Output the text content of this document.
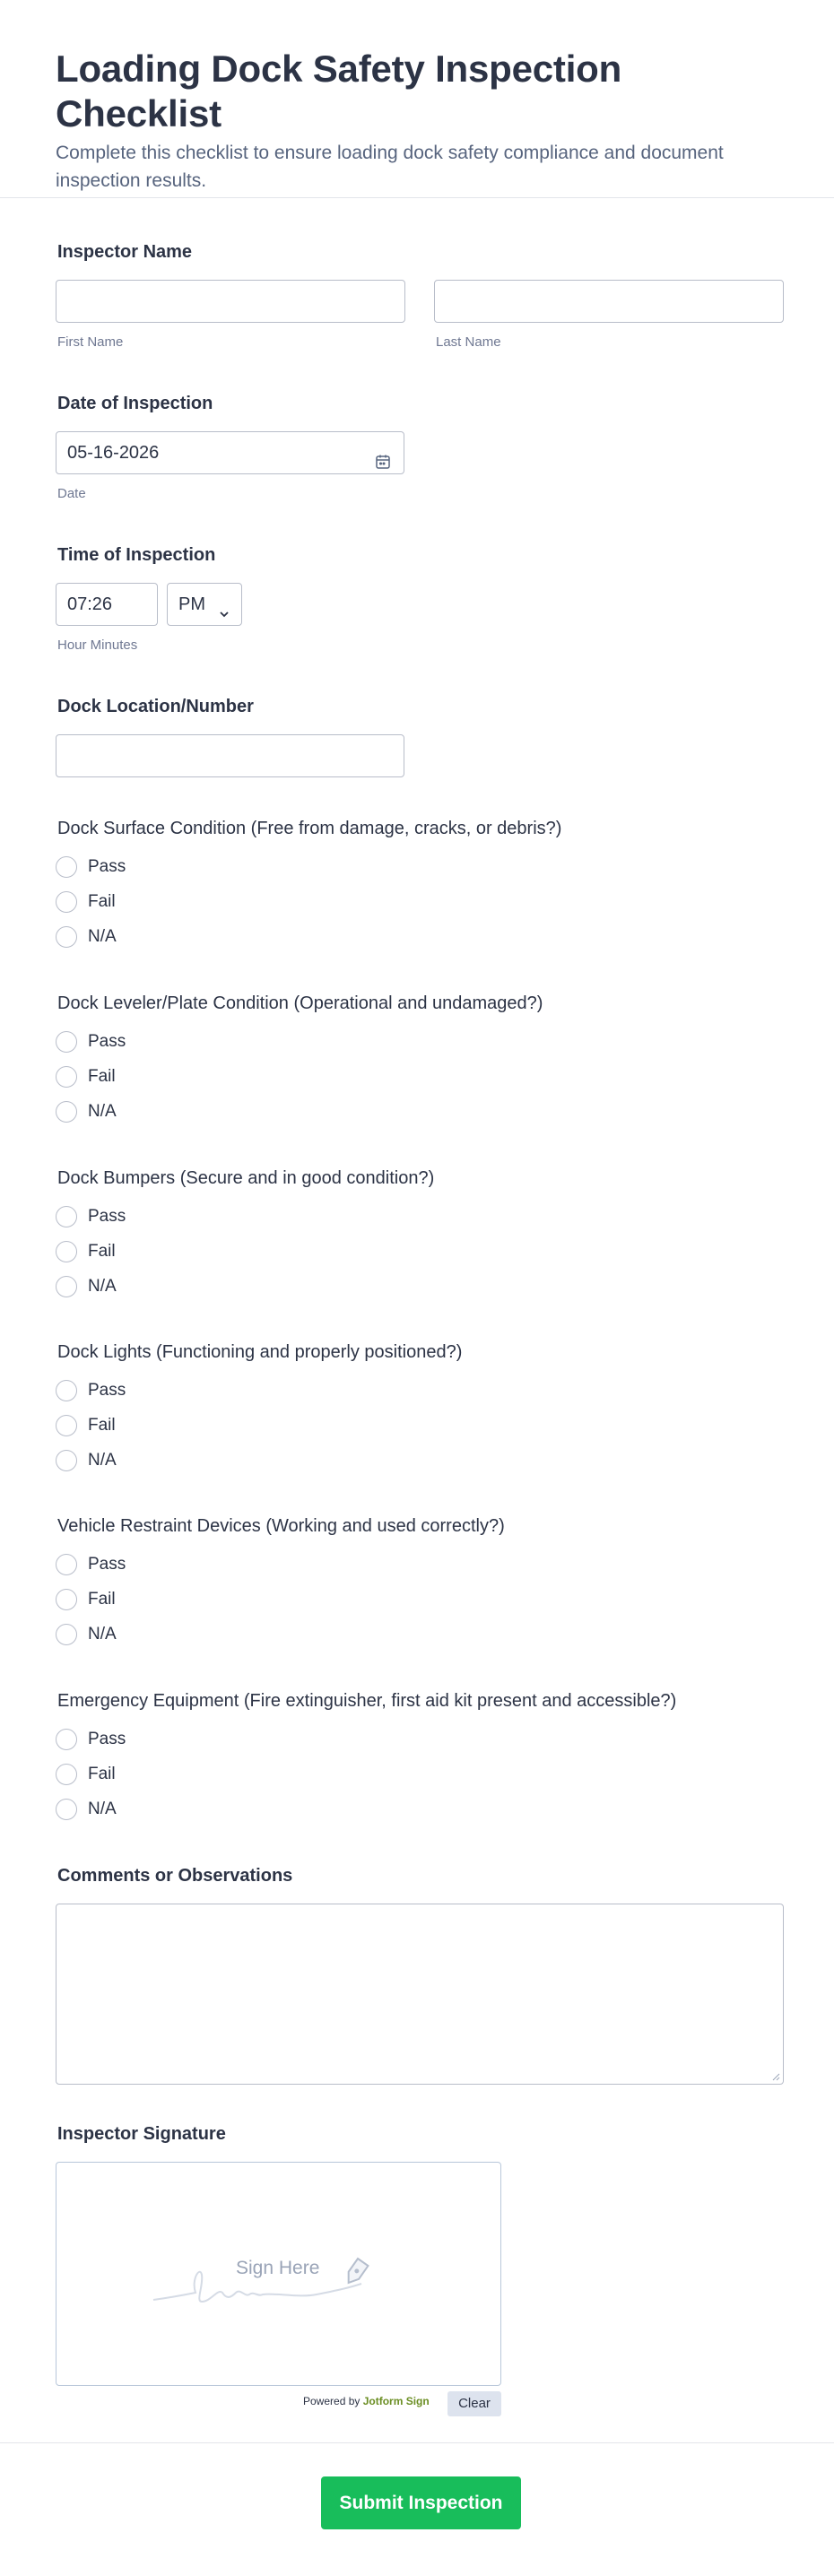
Loading Dock Safety Inspection Checklist
Complete this checklist to ensure loading dock safety compliance and document inspection results.
Inspector Name
First Name	Last Name
Date of Inspection
05-16-2026
Date
Time of Inspection
07:26	PM
Hour Minutes
Dock Location/Number
Dock Surface Condition (Free from damage, cracks, or debris?)
Pass
Fail
N/A
Dock Leveler/Plate Condition (Operational and undamaged?)
Pass
Fail
N/A
Dock Bumpers (Secure and in good condition?)
Pass
Fail
N/A
Dock Lights (Functioning and properly positioned?)
Pass
Fail
N/A
Vehicle Restraint Devices (Working and used correctly?)
Pass
Fail
N/A
Emergency Equipment (Fire extinguisher, first aid kit present and accessible?)
Pass
Fail
N/A
Comments or Observations
Inspector Signature
Sign Here
Powered by Jotform Sign	Clear
Submit Inspection
